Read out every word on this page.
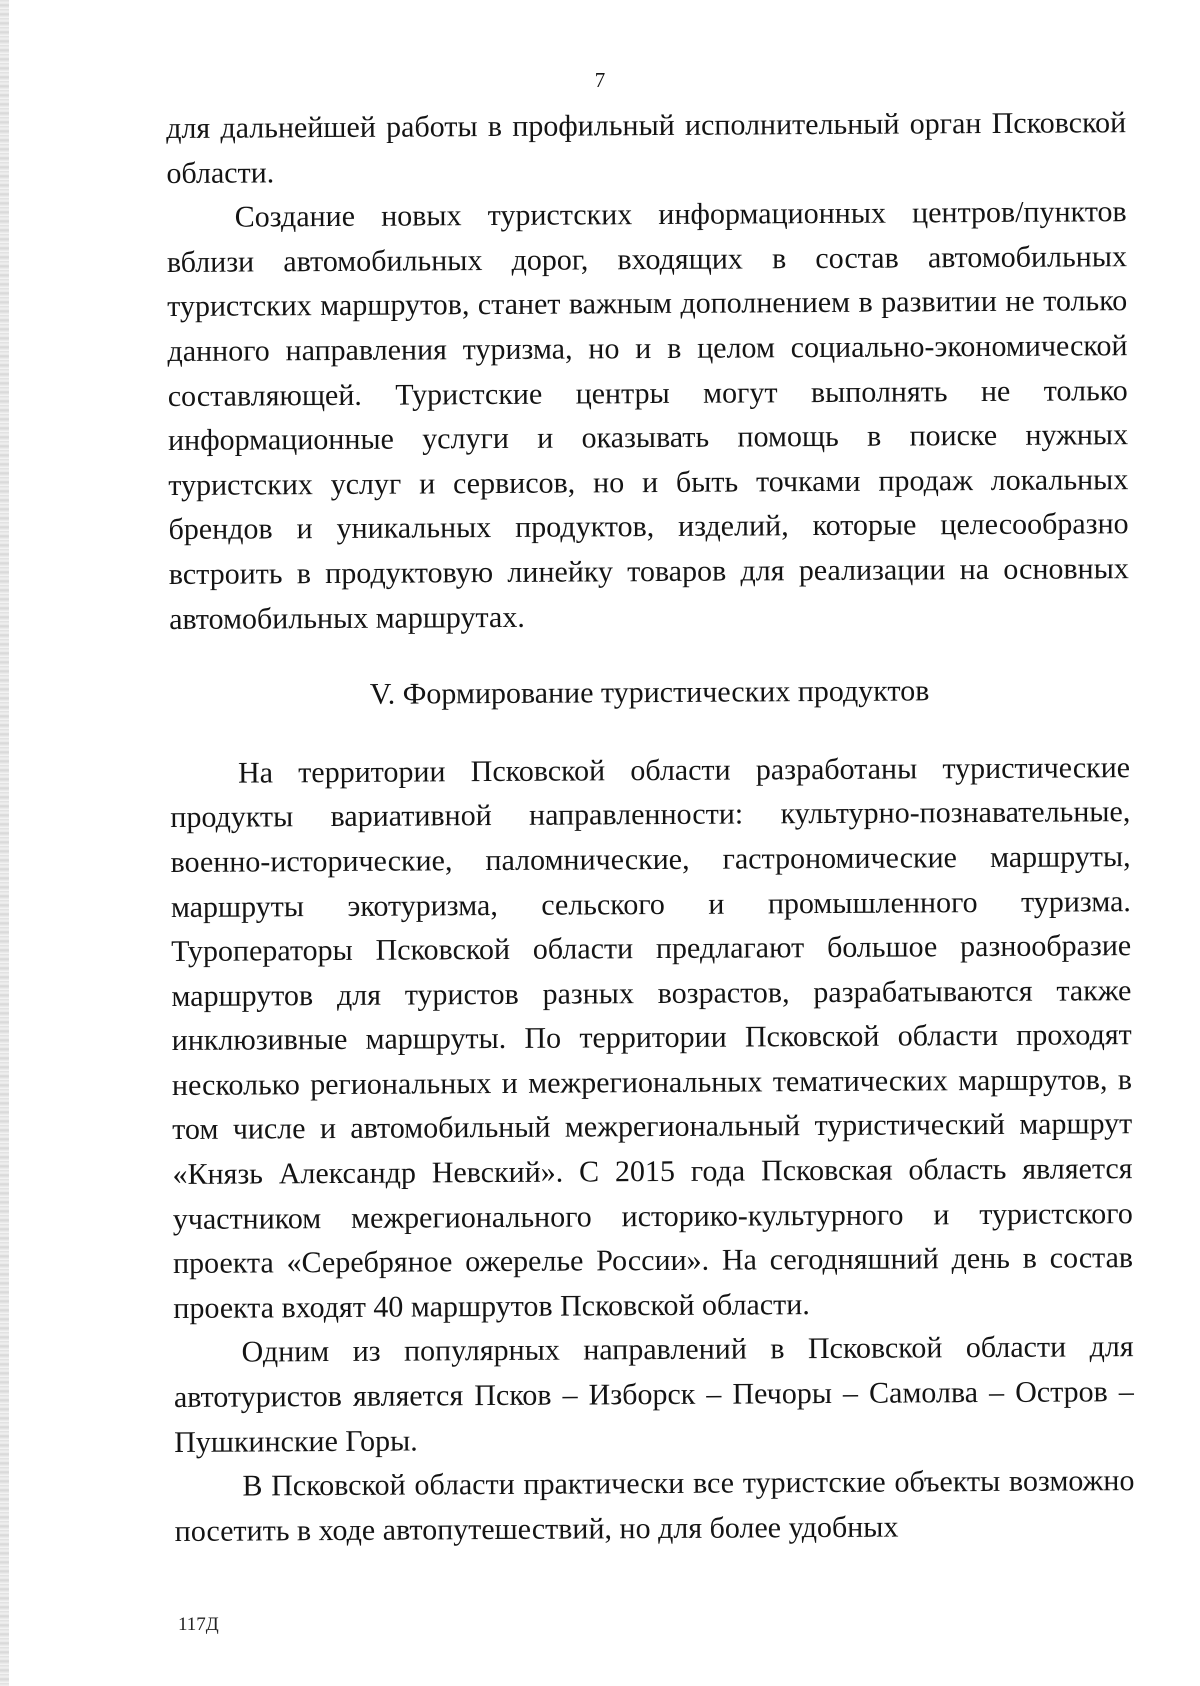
7

для дальнейшей работы в профильный исполнительный орган Псковской области.

Создание новых туристских информационных центров/пунктов вблизи автомобильных дорог, входящих в состав автомобильных туристских маршрутов, станет важным дополнением в развитии не только данного направления туризма, но и в целом социально-экономической составляющей. Туристские центры могут выполнять не только информационные услуги и оказывать помощь в поиске нужных туристских услуг и сервисов, но и быть точками продаж локальных брендов и уникальных продуктов, изделий, которые целесообразно встроить в продуктовую линейку товаров для реализации на основных автомобильных маршрутах.

V. Формирование туристических продуктов

На территории Псковской области разработаны туристические продукты вариативной направленности: культурно-познавательные, военно-исторические, паломнические, гастрономические маршруты, маршруты экотуризма, сельского и промышленного туризма. Туроператоры Псковской области предлагают большое разнообразие маршрутов для туристов разных возрастов, разрабатываются также инклюзивные маршруты. По территории Псковской области проходят несколько региональных и межрегиональных тематических маршрутов, в том числе и автомобильный межрегиональный туристический маршрут «Князь Александр Невский». С 2015 года Псковская область является участником межрегионального историко-культурного и туристского проекта «Серебряное ожерелье России». На сегодняшний день в состав проекта входят 40 маршрутов Псковской области.

Одним из популярных направлений в Псковской области для автотуристов является Псков – Изборск – Печоры – Самолва – Остров – Пушкинские Горы.

В Псковской области практически все туристские объекты возможно посетить в ходе автопутешествий, но для более удобных

117Д
